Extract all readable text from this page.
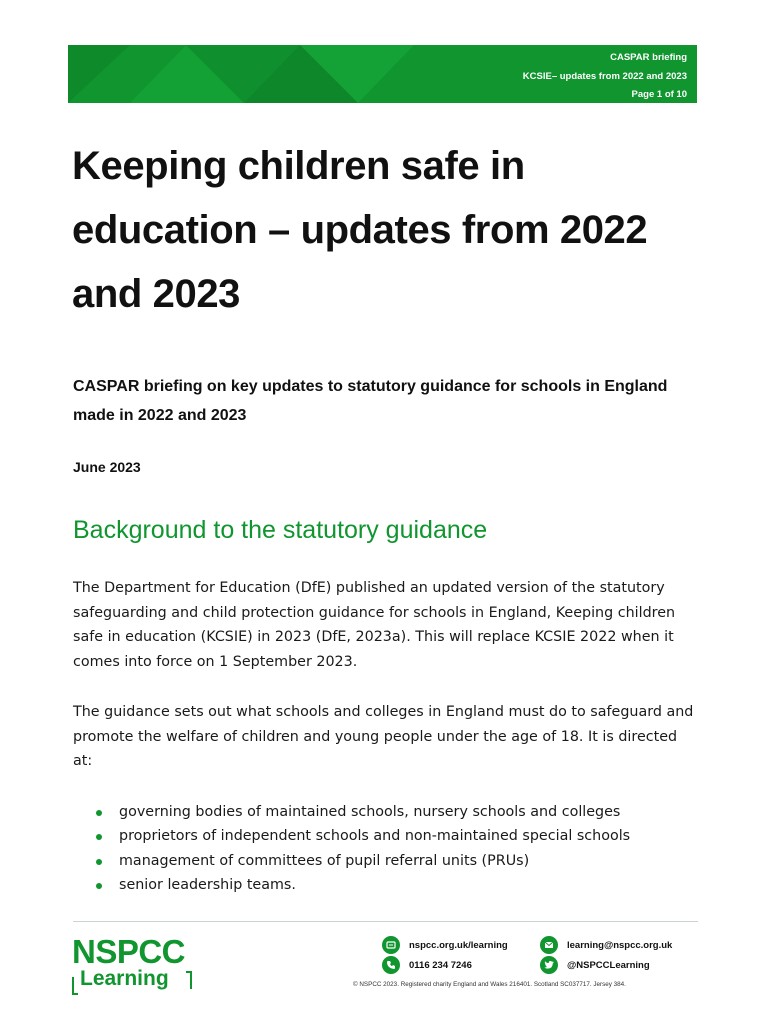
CASPAR briefing
KCSIE– updates from 2022 and 2023
Page 1 of 10
Keeping children safe in education – updates from 2022 and 2023

CASPAR briefing on key updates to statutory guidance for schools in England made in 2022 and 2023

June 2023

Background to the statutory guidance

The Department for Education (DfE) published an updated version of the statutory safeguarding and child protection guidance for schools in England, Keeping children safe in education (KCSIE) in 2023 (DfE, 2023a). This will replace KCSIE 2022 when it comes into force on 1 September 2023.

The guidance sets out what schools and colleges in England must do to safeguard and promote the welfare of children and young people under the age of 18. It is directed at:

governing bodies of maintained schools, nursery schools and colleges
proprietors of independent schools and non-maintained special schools
management of committees of pupil referral units (PRUs)
senior leadership teams.
NSPCC
Learning
nspcc.org.uk/learning
0116 234 7246
learning@nspcc.org.uk
@NSPCCLearning
© NSPCC 2023. Registered charity England and Wales 216401. Scotland SC037717. Jersey 384.
